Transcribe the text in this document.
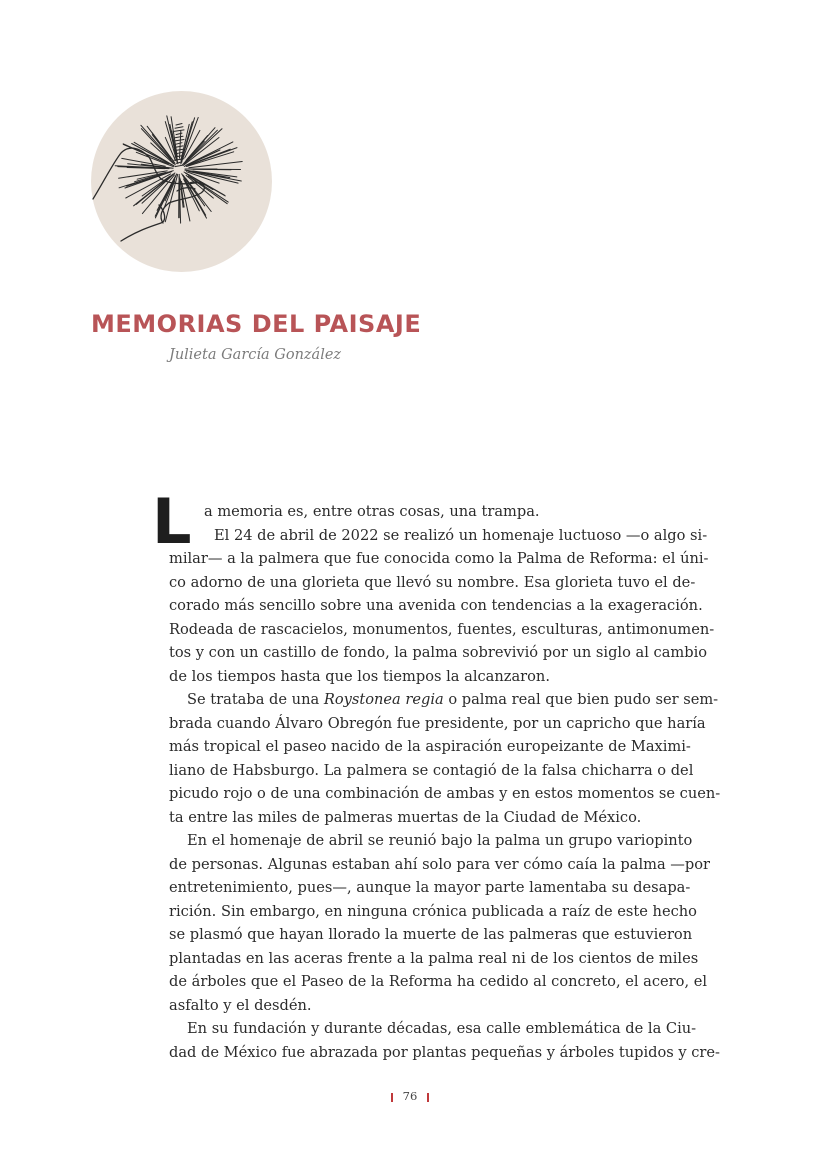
MEMORIAS DEL PAISAJE

Julieta García González

L a memoria es, entre otras cosas, una trampa.
El 24 de abril de 2022 se realizó un homenaje luctuoso —o algo si-
milar— a la palmera que fue conocida como la Palma de Reforma: el úni-
co adorno de una glorieta que llevó su nombre. Esa glorieta tuvo el de-
corado más sencillo sobre una avenida con tendencias a la exageración.
Rodeada de rascacielos, monumentos, fuentes, esculturas, antimonumen-
tos y con un castillo de fondo, la palma sobrevivió por un siglo al cambio
de los tiempos hasta que los tiempos la alcanzaron.
Se trataba de una Roystonea regia o palma real que bien pudo ser sem-
brada cuando Álvaro Obregón fue presidente, por un capricho que haría
más tropical el paseo nacido de la aspiración europeizante de Maximi-
liano de Habsburgo. La palmera se contagió de la falsa chicharra o del
picudo rojo o de una combinación de ambas y en estos momentos se cuen-
ta entre las miles de palmeras muertas de la Ciudad de México.
En el homenaje de abril se reunió bajo la palma un grupo variopinto
de personas. Algunas estaban ahí solo para ver cómo caía la palma —por
entretenimiento, pues—, aunque la mayor parte lamentaba su desapa-
rición. Sin embargo, en ninguna crónica publicada a raíz de este hecho
se plasmó que hayan llorado la muerte de las palmeras que estuvieron
plantadas en las aceras frente a la palma real ni de los cientos de miles
de árboles que el Paseo de la Reforma ha cedido al concreto, el acero, el
asfalto y el desdén.
En su fundación y durante décadas, esa calle emblemática de la Ciu-
dad de México fue abrazada por plantas pequeñas y árboles tupidos y cre-
76
